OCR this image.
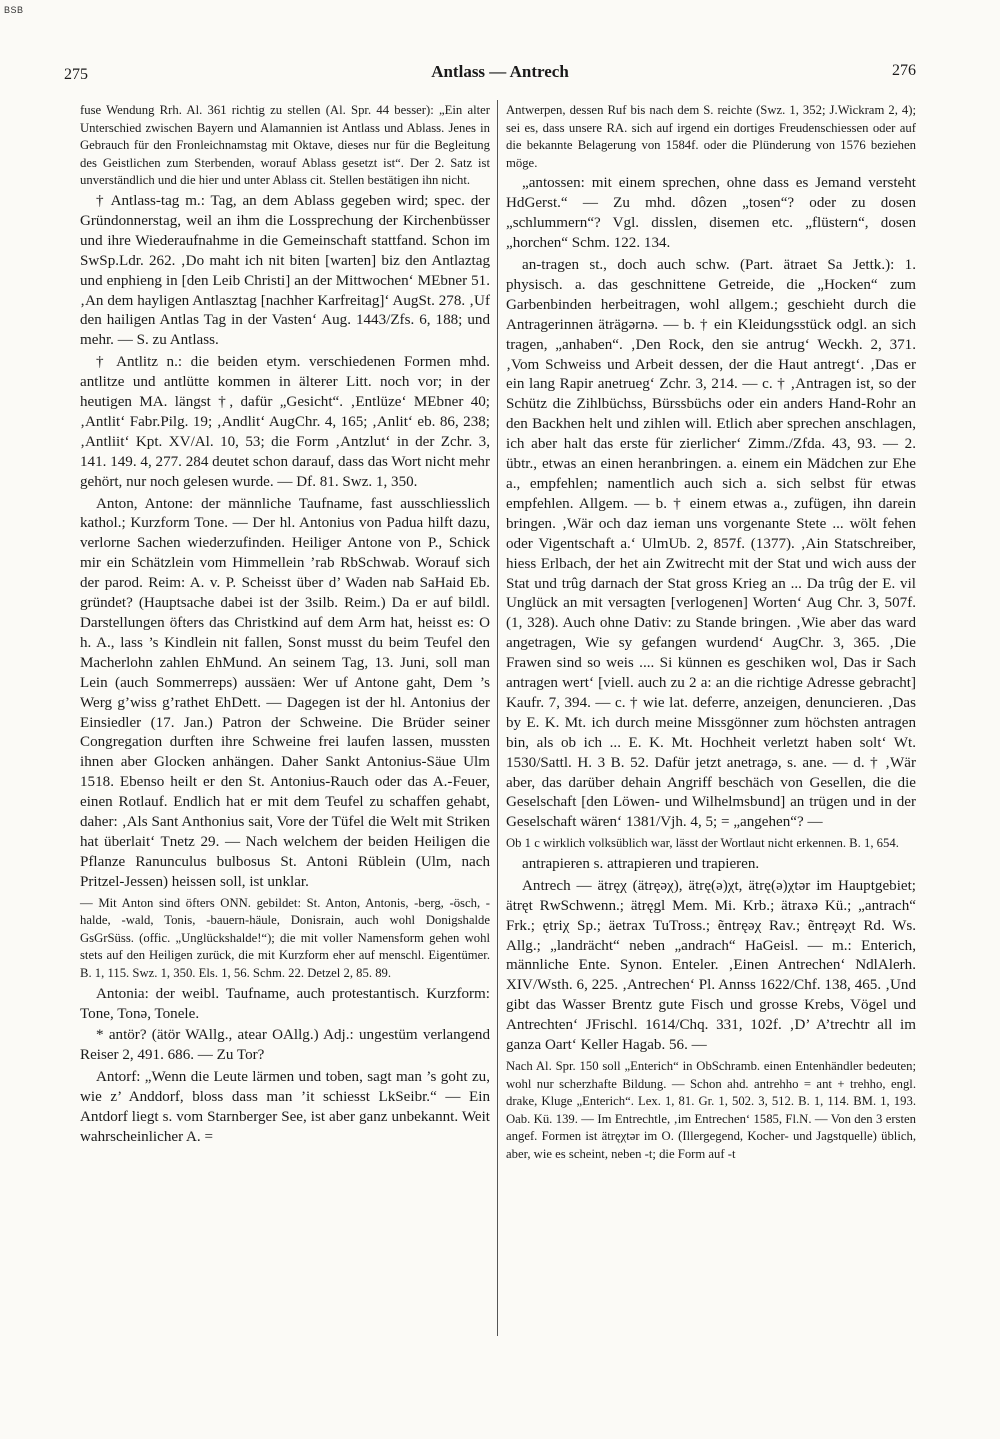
BSB
275	Antlass — Antrech	276

fuse Wendung Rrh. Al. 361 richtig zu stellen (Al. Spr. 44 besser): „Ein alter Unterschied zwischen Bayern und Alamannien ist Antlass und Ablass. Jenes in Gebrauch für den Fronleichnamstag mit Oktave, dieses nur für die Begleitung des Geistlichen zum Sterbenden, worauf Ablass gesetzt ist“. Der 2. Satz ist unverständlich und die hier und unter Ablass cit. Stellen bestätigen ihn nicht.

† Antlass-tag m.: Tag, an dem Ablass gegeben wird; spec. der Gründonnerstag, weil an ihm die Lossprechung der Kirchenbüsser und ihre Wiederaufnahme in die Gemeinschaft stattfand. Schon im SwSp.Ldr. 262. ‚Do maht ich nit biten [warten] biz den Antlaztag und enphieng in [den Leib Christi] an der Mittwochen‘ MEbner 51. ‚An dem hayligen Antlasztag [nachher Karfreitag]‘ AugSt. 278. ‚Uf den hailigen Antlas Tag in der Vasten‘ Aug. 1443/Zfs. 6, 188; und mehr. — S. zu Antlass.

† Antlitz n.: die beiden etym. verschiedenen Formen mhd. antlitze und antlütte kommen in älterer Litt. noch vor; in der heutigen MA. längst †, dafür „Gesicht“. ‚Entlüze‘ MEbner 40; ‚Antlit‘ Fabr.Pilg. 19; ‚Andlit‘ AugChr. 4, 165; ‚Anlit‘ eb. 86, 238; ‚Antliit‘ Kpt. XV/Al. 10, 53; die Form ‚Antzlut‘ in der Zchr. 3, 141. 149. 4, 277. 284 deutet schon darauf, dass das Wort nicht mehr gehört, nur noch gelesen wurde. — Df. 81. Swz. 1, 350.

Anton, Antone: der männliche Taufname, fast ausschliesslich kathol.; Kurzform Tone. — Der hl. Antonius von Padua hilft dazu, verlorne Sachen wiederzufinden. Heiliger Antone von P., Schick mir ein Schätzlein vom Himmellein ’rab RbSchwab. Worauf sich der parod. Reim: A. v. P. Scheisst über d’ Waden nab SaHaid Eb. gründet? (Hauptsache dabei ist der 3silb. Reim.) Da er auf bildl. Darstellungen öfters das Christkind auf dem Arm hat, heisst es: O h. A., lass ’s Kindlein nit fallen, Sonst musst du beim Teufel den Macherlohn zahlen EhMund. An seinem Tag, 13. Juni, soll man Lein (auch Sommerreps) aussäen: Wer uf Antone gaht, Dem ’s Werg g’wiss g’rathet EhDett. — Dagegen ist der hl. Antonius der Einsiedler (17. Jan.) Patron der Schweine. Die Brüder seiner Congregation durften ihre Schweine frei laufen lassen, mussten ihnen aber Glocken anhängen. Daher Sankt Antonius-Säue Ulm 1518. Ebenso heilt er den St. Antonius-Rauch oder das A.-Feuer, einen Rotlauf. Endlich hat er mit dem Teufel zu schaffen gehabt, daher: ‚Als Sant Anthonius sait, Vore der Tüfel die Welt mit Striken hat überlait‘ Tnetz 29. — Nach welchem der beiden Heiligen die Pflanze Ranunculus bulbosus St. Antoni Rüblein (Ulm, nach Pritzel-Jessen) heissen soll, ist unklar.

— Mit Anton sind öfters ONN. gebildet: St. Anton, Antonis, -berg, -ösch, -halde, -wald, Tonis, -bauern-häule, Donisrain, auch wohl Donigshalde GsGrSüss. (offic. „Unglückshalde!“); die mit voller Namensform gehen wohl stets auf den Heiligen zurück, die mit Kurzform eher auf menschl. Eigentümer. B. 1, 115. Swz. 1, 350. Els. 1, 56. Schm. 22. Detzel 2, 85. 89.

Antonia: der weibl. Taufname, auch protestantisch. Kurzform: Tone, Tonə, Tonele.

* antör? (ätör WAllg., atear OAllg.) Adj.: ungestüm verlangend Reiser 2, 491. 686. — Zu Tor?

Antorf: „Wenn die Leute lärmen und toben, sagt man ’s goht zu, wie z’ Anddorf, bloss dass man ’it schiesst LkSeibr.“ — Ein Antdorf liegt s. vom Starnberger See, ist aber ganz unbekannt. Weit wahrscheinlicher A. =

Antwerpen, dessen Ruf bis nach dem S. reichte (Swz. 1, 352; J.Wickram 2, 4); sei es, dass unsere RA. sich auf irgend ein dortiges Freudenschiessen oder auf die bekannte Belagerung von 1584f. oder die Plünderung von 1576 beziehen möge.

„antossen: mit einem sprechen, ohne dass es Jemand versteht HdGerst.“ — Zu mhd. dôzen „tosen“? oder zu dosen „schlummern“? Vgl. disslen, disemen etc. „flüstern“, dosen „horchen“ Schm. 122. 134.

an-tragen st., doch auch schw. (Part. ätraet Sa Jettk.): 1. physisch. a. das geschnittene Getreide, die „Hocken“ zum Garbenbinden herbeitragen, wohl allgem.; geschieht durch die Antragerinnen äträgərnə. — b. † ein Kleidungsstück odgl. an sich tragen, „anhaben“. ‚Den Rock, den sie antrug‘ Weckh. 2, 371. ‚Vom Schweiss und Arbeit dessen, der die Haut antregt‘. ‚Das er ein lang Rapir anetrueg‘ Zchr. 3, 214. — c. † ‚Antragen ist, so der Schütz die Zihlbüchss, Bürssbüchs oder ein anders Hand-Rohr an den Backhen helt und zihlen will. Etlich aber sprechen anschlagen, ich aber halt das erste für zierlicher‘ Zimm./Zfda. 43, 93. — 2. übtr., etwas an einen heranbringen. a. einem ein Mädchen zur Ehe a., empfehlen; namentlich auch sich a. sich selbst für etwas empfehlen. Allgem. — b. † einem etwas a., zufügen, ihn darein bringen. ‚Wär och daz ieman uns vorgenante Stete ... wölt fehen oder Vigentschaft a.‘ UlmUb. 2, 857f. (1377). ‚Ain Statschreiber, hiess Erlbach, der het ain Zwitrecht mit der Stat und wich auss der Stat und trûg darnach der Stat gross Krieg an ... Da trûg der E. vil Unglück an mit versagten [verlogenen] Worten‘ Aug Chr. 3, 507f. (1, 328). Auch ohne Dativ: zu Stande bringen. ‚Wie aber das ward angetragen, Wie sy gefangen wurdend‘ AugChr. 3, 365. ‚Die Frawen sind so weis .... Si künnen es geschiken wol, Das ir Sach antragen wert‘ [viell. auch zu 2 a: an die richtige Adresse gebracht] Kaufr. 7, 394. — c. † wie lat. deferre, anzeigen, denuncieren. ‚Das by E. K. Mt. ich durch meine Missgönner zum höchsten antragen bin, als ob ich ... E. K. Mt. Hochheit verletzt haben solt‘ Wt. 1530/Sattl. H. 3 B. 52. Dafür jetzt anetragə, s. ane. — d. † ‚Wär aber, das darüber dehain Angriff beschäch von Gesellen, die die Geselschaft [den Löwen- und Wilhelmsbund] an trügen und in der Geselschaft wären‘ 1381/Vjh. 4, 5; = „angehen“? —

Ob 1 c wirklich volksüblich war, lässt der Wortlaut nicht erkennen. B. 1, 654.

antrapieren s. attrapieren und trapieren.

Antrech — ätręχ (ätręəχ), ätrę(ə)χt, ätrę(ə)χtər im Hauptgebiet; ätręt RwSchwenn.; ätręgl Mem. Mi. Krb.; ätraxə Kü.; „antrach“ Frk.; ętriχ Sp.; äetrax TuTross.; ẽntręəχ Rav.; ẽntręəχt Rd. Ws. Allg.; „landrächt“ neben „andrach“ HaGeisl. — m.: Enterich, männliche Ente. Synon. Enteler. ‚Einen Antrechen‘ NdlAlerh. XIV/Wsth. 6, 225. ‚Antrechen‘ Pl. Annss 1622/Chf. 138, 465. ‚Und gibt das Wasser Brentz gute Fisch und grosse Krebs, Vögel und Antrechten‘ JFrischl. 1614/Chq. 331, 102f. ‚D’ A’trechtr all im ganza Oart‘ Keller Hagab. 56. —

Nach Al. Spr. 150 soll „Enterich“ in ObSchramb. einen Entenhändler bedeuten; wohl nur scherzhafte Bildung. — Schon ahd. antrehho = ant + trehho, engl. drake, Kluge „Enterich“. Lex. 1, 81. Gr. 1, 502. 3, 512. B. 1, 114. BM. 1, 193. Oab. Kü. 139. — Im Entrechtle, ‚im Entrechen‘ 1585, Fl.N. — Von den 3 ersten angef. Formen ist ätręχtər im O. (Illergegend, Kocher- und Jagstquelle) üblich, aber, wie es scheint, neben -t; die Form auf -t
